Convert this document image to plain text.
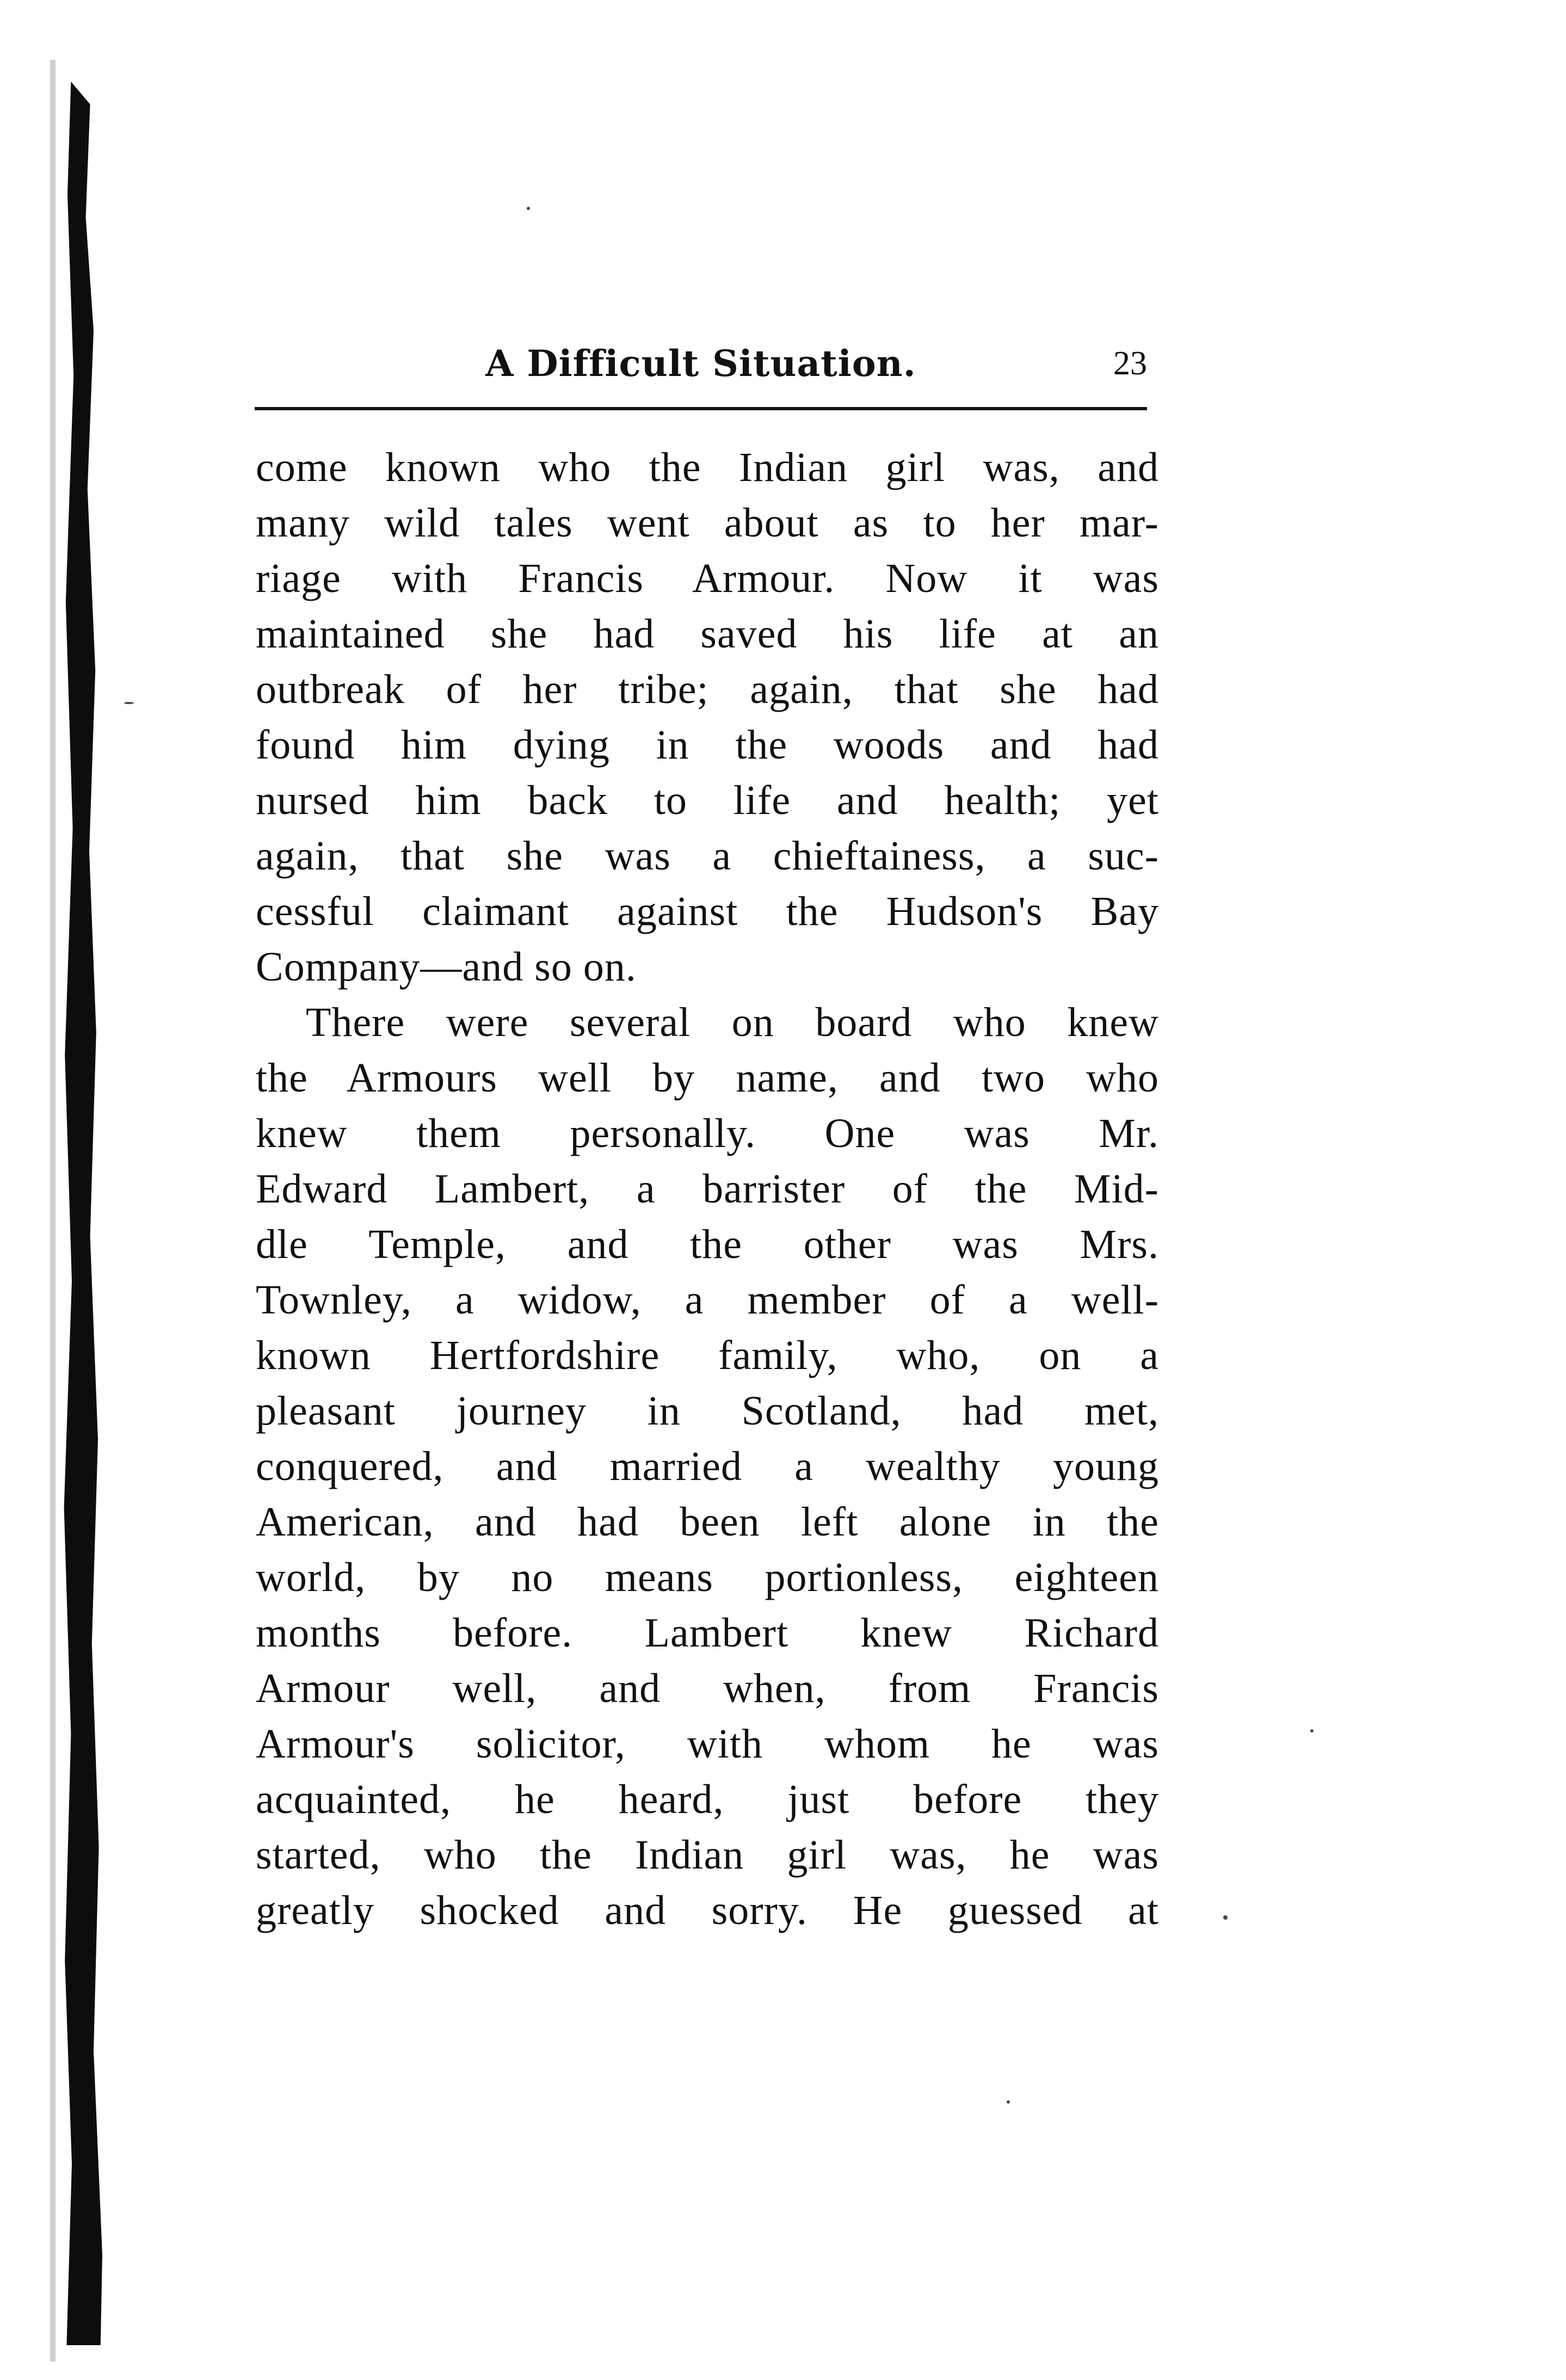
A Difficult Situation.	23

come known who the Indian girl was, and
many wild tales went about as to her mar-
riage with Francis Armour. Now it was
maintained she had saved his life at an
outbreak of her tribe; again, that she had
found him dying in the woods and had
nursed him back to life and health; yet
again, that she was a chieftainess, a suc-
cessful claimant against the Hudson's Bay
Company—and so on.

There were several on board who knew
the Armours well by name, and two who
knew them personally. One was Mr.
Edward Lambert, a barrister of the Mid-
dle Temple, and the other was Mrs.
Townley, a widow, a member of a well-
known Hertfordshire family, who, on a
pleasant journey in Scotland, had met,
conquered, and married a wealthy young
American, and had been left alone in the
world, by no means portionless, eighteen
months before. Lambert knew Richard
Armour well, and when, from Francis
Armour's solicitor, with whom he was
acquainted, he heard, just before they
started, who the Indian girl was, he was
greatly shocked and sorry. He guessed at
